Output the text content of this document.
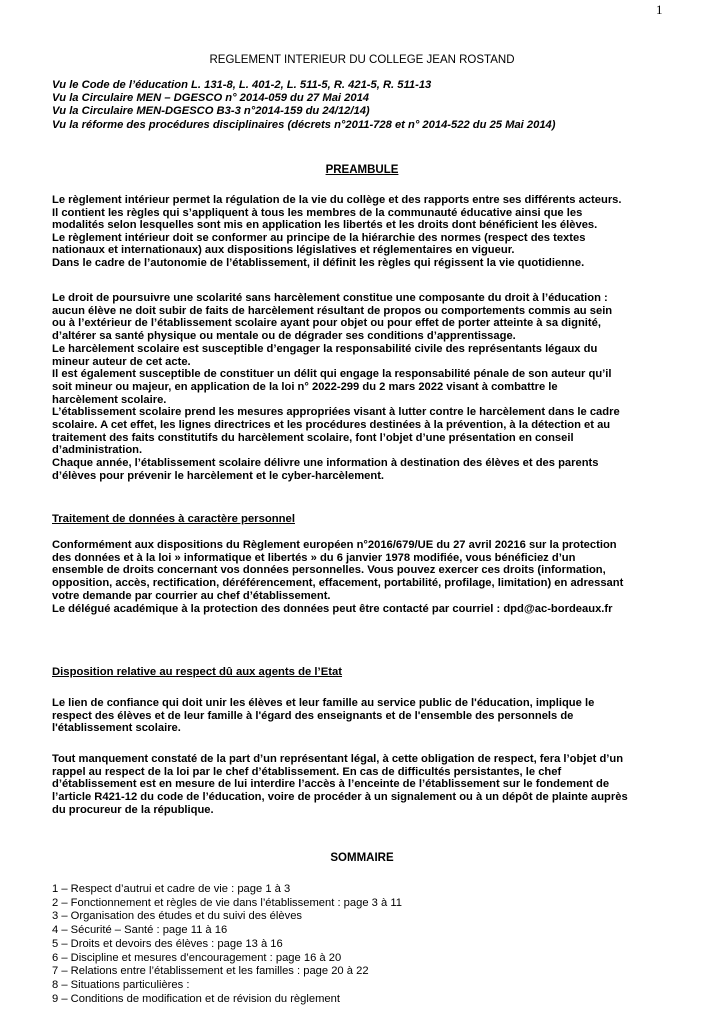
1
REGLEMENT INTERIEUR DU COLLEGE JEAN ROSTAND
Vu le Code de l’éducation L. 131-8, L. 401-2, L. 511-5, R. 421-5, R. 511-13
Vu la Circulaire MEN – DGESCO n° 2014-059 du 27 Mai 2014
Vu la Circulaire MEN-DGESCO B3-3 n°2014-159 du 24/12/14)
Vu la réforme des procédures disciplinaires (décrets n°2011-728 et n° 2014-522 du 25 Mai 2014)
PREAMBULE
Le règlement intérieur permet la régulation de la vie du collège et des rapports entre ses différents acteurs.
Il contient les règles qui s’appliquent à tous les membres de la communauté éducative ainsi que les
modalités selon lesquelles sont mis en application les libertés et les droits dont bénéficient les élèves.
Le règlement intérieur doit se conformer au principe de la hiérarchie des normes (respect des textes
nationaux et internationaux) aux dispositions législatives et réglementaires en vigueur.
Dans le cadre de l’autonomie de l’établissement, il définit les règles qui régissent la vie quotidienne.
Le droit de poursuivre une scolarité sans harcèlement constitue une composante du droit à l’éducation :
aucun élève ne doit subir de faits de harcèlement résultant de propos ou comportements commis au sein
ou à l’extérieur de l’établissement scolaire ayant pour objet ou pour effet de porter atteinte à sa dignité,
d’altérer sa santé physique ou mentale ou de dégrader ses conditions d’apprentissage.
Le harcèlement scolaire est susceptible d’engager la responsabilité civile des représentants légaux du
mineur auteur de cet acte.
Il est également susceptible de constituer un délit qui engage la responsabilité pénale de son auteur qu’il
soit mineur ou majeur, en application de la loi n° 2022-299 du 2 mars 2022 visant à combattre le
harcèlement scolaire.
L’établissement scolaire prend les mesures appropriées visant à lutter contre le harcèlement dans le cadre
scolaire. A cet effet, les lignes directrices et les procédures destinées à la prévention, à la détection et au
traitement des faits constitutifs du harcèlement scolaire, font l’objet d’une présentation en conseil
d’administration.
Chaque année, l’établissement scolaire délivre une information à destination des élèves et des parents
d’élèves pour prévenir le harcèlement et le cyber-harcèlement.
Traitement de données à caractère personnel
Conformément aux dispositions du Règlement européen n°2016/679/UE du 27 avril 20216 sur la protection
des données et à la loi » informatique et libertés » du 6 janvier 1978 modifiée, vous bénéficiez d’un
ensemble de droits concernant vos données personnelles. Vous pouvez exercer ces droits (information,
opposition, accès, rectification, déréférencement, effacement, portabilité, profilage, limitation) en adressant
votre demande par courrier au chef d’établissement.
Le délégué académique à la protection des données peut être contacté par courriel : dpd@ac-bordeaux.fr
Disposition relative au respect dû aux agents de l’Etat
Le lien de confiance qui doit unir les élèves et leur famille au service public de l'éducation, implique le
respect des élèves et de leur famille à l'égard des enseignants et de l'ensemble des personnels de
l'établissement scolaire.
Tout manquement constaté de la part d’un représentant légal, à cette obligation de respect, fera l’objet d’un
rappel au respect de la loi par le chef d’établissement. En cas de difficultés persistantes, le chef
d’établissement est en mesure de lui interdire l’accès à l’enceinte de l’établissement sur le fondement de
l’article R421-12 du code de l’éducation, voire de procéder à un signalement ou à un dépôt de plainte auprès
du procureur de la république.
SOMMAIRE
1 – Respect d’autrui et cadre de vie : page 1 à 3
2 – Fonctionnement et règles de vie dans l’établissement : page 3 à 11
3 – Organisation des études et du suivi des élèves
4 – Sécurité – Santé : page 11 à 16
5 – Droits et devoirs des élèves : page 13 à 16
6 – Discipline et mesures d’encouragement : page 16 à 20
7 – Relations entre l’établissement et les familles : page 20 à 22
8 – Situations particulières :
9 – Conditions de modification et de révision du règlement
